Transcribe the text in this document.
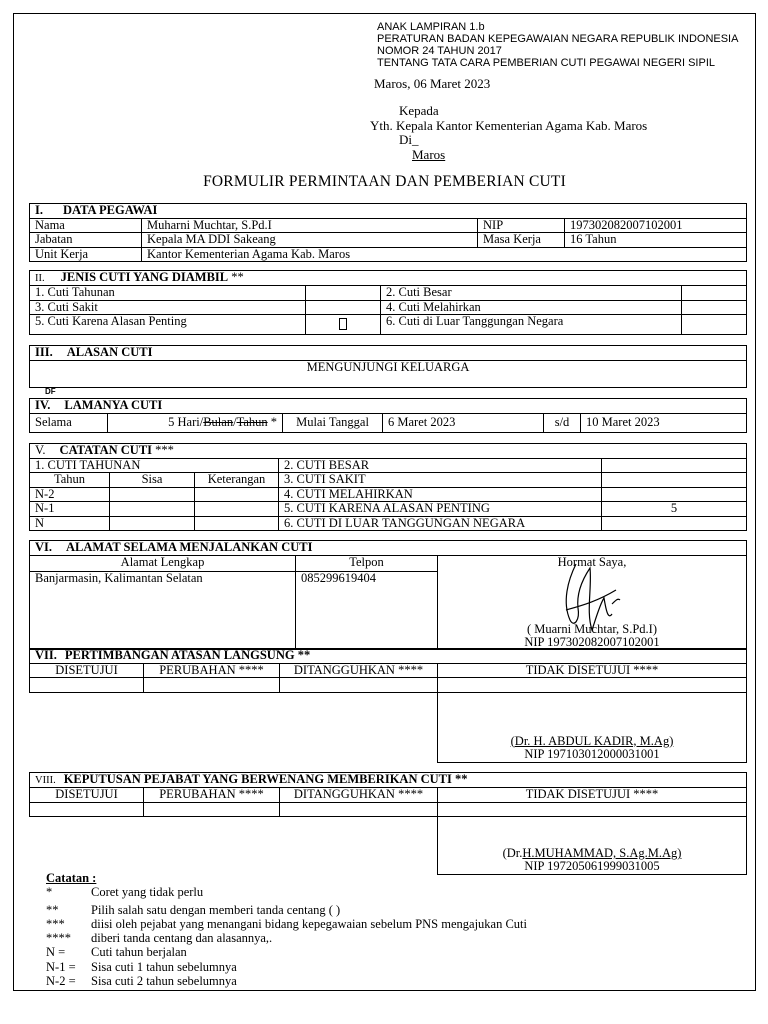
ANAK LAMPIRAN 1.b
PERATURAN BADAN KEPEGAWAIAN NEGARA REPUBLIK INDONESIA
NOMOR 24 TAHUN 2017
TENTANG TATA CARA PEMBERIAN CUTI PEGAWAI NEGERI SIPIL
Maros, 06 Maret 2023
Kepada
Yth. Kepala Kantor Kementerian Agama Kab. Maros
Di_
Maros
FORMULIR PERMINTAAN DAN PEMBERIAN CUTI
I. DATA PEGAWAI			
Nama	Muharni Muchtar, S.Pd.I	NIP	197302082007102001
Jabatan	Kepala MA DDI Sakeang	Masa Kerja	16 Tahun
Unit Kerja	Kantor Kementerian Agama Kab. Maros		
II. JENIS CUTI YANG DIAMBIL **			
1. Cuti Tahunan		2. Cuti Besar	
3. Cuti Sakit		4. Cuti Melahirkan	
5. Cuti Karena Alasan Penting		6. Cuti di Luar Tanggungan Negara	
III. ALASAN CUTI
MENGUNJUNGI KELUARGA
DF
IV. LAMANYA CUTI
Selama	5 Hari/Bulan/Tahun *	Mulai Tanggal	6 Maret 2023	s/d	10 Maret 2023
V. CATATAN CUTI ***				
1. CUTI TAHUNAN			2. CUTI BESAR	
Tahun	Sisa	Keterangan	3. CUTI SAKIT	
N-2			4. CUTI MELAHIRKAN	
N-1			5. CUTI KARENA ALASAN PENTING	5
N			6. CUTI DI LUAR TANGGUNGAN NEGARA	
VI. ALAMAT SELAMA MENJALANKAN CUTI		
Alamat Lengkap	Telpon	Hormat Saya,
( Muarni Muchtar, S.Pd.I)
NIP 197302082007102001

Banjarmasin, Kalimantan Selatan	085299619404	
VII. PERTIMBANGAN ATASAN LANGSUNG **			
DISETUJUI	PERUBAHAN ****	DITANGGUHKAN ****	TIDAK DISETUJUI ****

			(Dr. H. ABDUL KADIR, M.Ag)
NIP 197103012000031001
VIII. KEPUTUSAN PEJABAT YANG BERWENANG MEMBERIKAN CUTI **			
DISETUJUI	PERUBAHAN ****	DITANGGUHKAN ****	TIDAK DISETUJUI ****

			(Dr.H.MUHAMMAD, S.Ag.M.Ag)
NIP 197205061999031005
Catatan :
*	Coret yang tidak perlu
**	Pilih salah satu dengan memberi tanda centang ( )
***	diisi oleh pejabat yang menangani bidang kepegawaian sebelum PNS mengajukan Cuti
****	diberi tanda centang dan alasannya,.
N =	Cuti tahun berjalan
N-1 =	Sisa cuti 1 tahun sebelumnya
N-2 =	Sisa cuti 2 tahun sebelumnya
